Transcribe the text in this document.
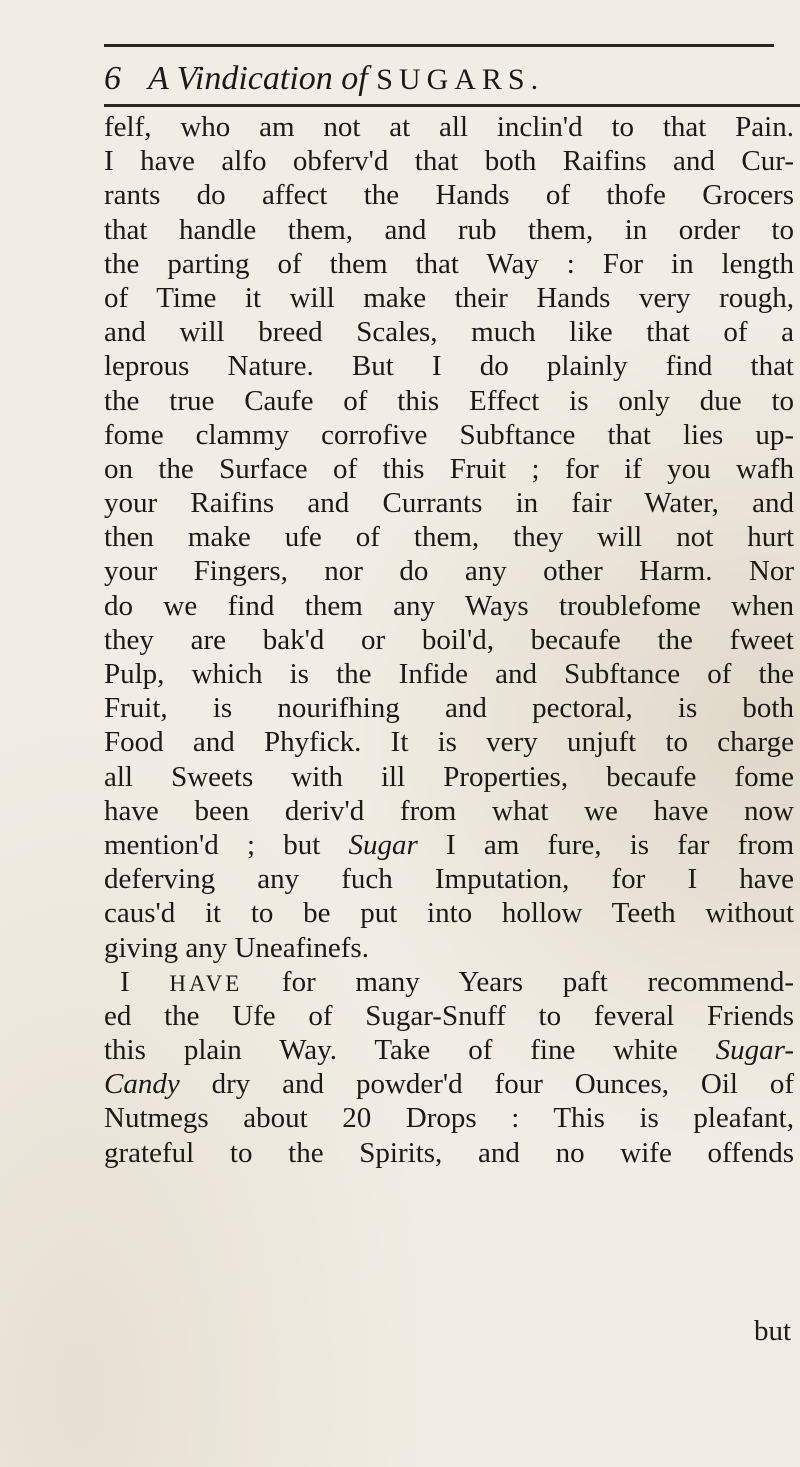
6 A Vindication of SUGARS.
felf, who am not at all inclin'd to that Pain.
I have alfo obferv'd that both Raifins and Cur-
rants do affect the Hands of thofe Grocers
that handle them, and rub them, in order to
the parting of them that Way : For in length
of Time it will make their Hands very rough,
and will breed Scales, much like that of a
leprous Nature. But I do plainly find that
the true Caufe of this Effect is only due to
fome clammy corrofive Subftance that lies up-
on the Surface of this Fruit ; for if you wafh
your Raifins and Currants in fair Water, and
then make ufe of them, they will not hurt
your Fingers, nor do any other Harm. Nor
do we find them any Ways troublefome when
they are bak'd or boil'd, becaufe the fweet
Pulp, which is the Infide and Subftance of the
Fruit, is nourifhing and pectoral, is both
Food and Phyfick. It is very unjuft to charge
all Sweets with ill Properties, becaufe fome
have been deriv'd from what we have now
mention'd ; but Sugar I am fure, is far from
deferving any fuch Imputation, for I have
caus'd it to be put into hollow Teeth without
giving any Uneafinefs.
I HAVE for many Years paft recommend-
ed the Ufe of Sugar-Snuff to feveral Friends
this plain Way. Take of fine white Sugar-
Candy dry and powder'd four Ounces, Oil of
Nutmegs about 20 Drops : This is pleafant,
grateful to the Spirits, and no wife offends
but
